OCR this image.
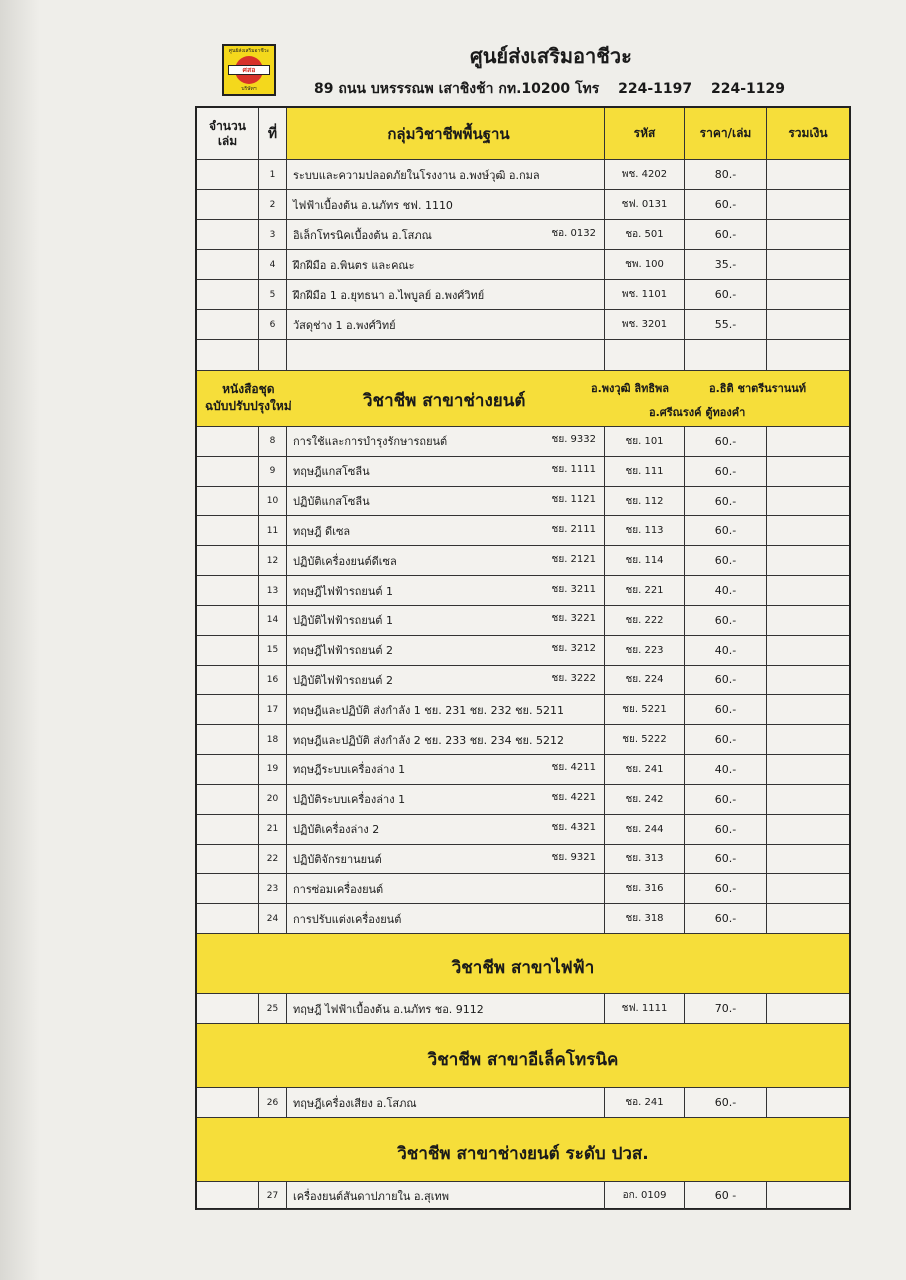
ศูนย์ส่งเสริมอาชีวะ
ศสอ
บริษัทฯ
ศูนย์ส่งเสริมอาชีวะ
89 ถนน บหรรรณพ เสาชิงช้า กท.10200 โทร 224-1197 224-1129
จำนวนเล่ม	ที่	กลุ่มวิชาชีพพื้นฐาน	รหัส	ราคา/เล่ม	รวมเงิน
1	ระบบและความปลอดภัยในโรงงาน อ.พงษ์วุฒิ อ.กมล	พช. 4202	80.-
2	ไฟฟ้าเบื้องต้น อ.นภัทร ชฟ. 1110	ชฟ. 0131	60.-
3	อิเล็กโทรนิคเบื้องต้น อ.โสภณ	ชอ. 0132	ชอ. 501	60.-
4	ฝึกฝีมือ อ.พินตร และคณะ	ชพ. 100	35.-
5	ฝึกฝีมือ 1 อ.ยุทธนา อ.ไพบูลย์ อ.พงศ์วิทย์	พช. 1101	60.-
6	วัสดุช่าง 1 อ.พงศ์วิทย์	พช. 3201	55.-
หนังสือชุด
ฉบับปรับปรุงใหม่	วิชาชีพ สาขาช่างยนต์
อ.พงวุฒิ ลิทธิพล	อ.ธิติ ชาตรีนรานนท์
อ.ศรีณรงค์ ตู้ทองคำ
8	การใช้และการบำรุงรักษารถยนต์	ชย. 9332	ชย. 101	60.-
9	ทฤษฎีแกสโซลีน	ชย. 1111	ชย. 111	60.-
10	ปฏิบัติแกสโซลีน	ชย. 1121	ชย. 112	60.-
11	ทฤษฎี ดีเซล	ชย. 2111	ชย. 113	60.-
12	ปฏิบัติเครื่องยนต์ดีเซล	ชย. 2121	ชย. 114	60.-
13	ทฤษฎีไฟฟ้ารถยนต์ 1	ชย. 3211	ชย. 221	40.-
14	ปฏิบัติไฟฟ้ารถยนต์ 1	ชย. 3221	ชย. 222	60.-
15	ทฤษฎีไฟฟ้ารถยนต์ 2	ชย. 3212	ชย. 223	40.-
16	ปฏิบัติไฟฟ้ารถยนต์ 2	ชย. 3222	ชย. 224	60.-
17	ทฤษฎีและปฏิบัติ ส่งกำลัง 1 ชย. 231 ชย. 232 ชย. 5211	ชย. 5221	60.-
18	ทฤษฎีและปฏิบัติ ส่งกำลัง 2 ชย. 233 ชย. 234 ชย. 5212	ชย. 5222	60.-
19	ทฤษฎีระบบเครื่องล่าง 1	ชย. 4211	ชย. 241	40.-
20	ปฏิบัติระบบเครื่องล่าง 1	ชย. 4221	ชย. 242	60.-
21	ปฏิบัติเครื่องล่าง 2	ชย. 4321	ชย. 244	60.-
22	ปฏิบัติจักรยานยนต์	ชย. 9321	ชย. 313	60.-
23	การซ่อมเครื่องยนต์	ชย. 316	60.-
24	การปรับแต่งเครื่องยนต์	ชย. 318	60.-
วิชาชีพ สาขาไฟฟ้า
25	ทฤษฎี ไฟฟ้าเบื้องต้น อ.นภัทร ชอ. 9112	ชฟ. 1111	70.-
วิชาชีพ สาขาอีเล็คโทรนิค
26	ทฤษฎีเครื่องเสียง อ.โสภณ	ชอ. 241	60.-
วิชาชีพ สาขาช่างยนต์ ระดับ ปวส.
27	เครื่องยนต์สันดาปภายใน อ.สุเทพ	อก. 0109	60 -
